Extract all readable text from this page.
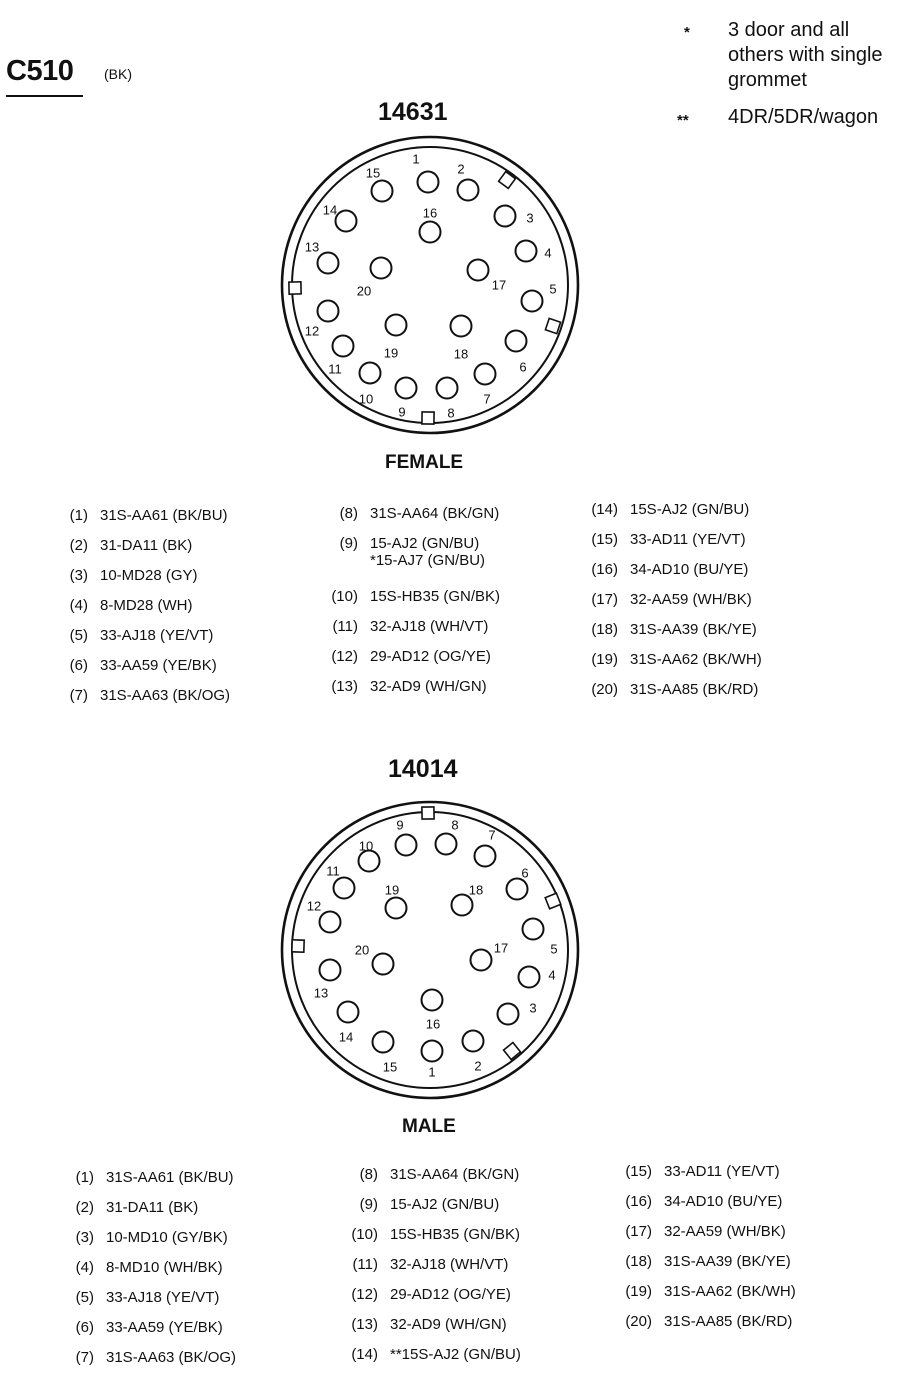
C510 (BK)
* 3 door and all others with single grommet
** 4DR/5DR/wagon
14631
1
2
3
4
5
6
7
8
9
10
11
12
13
14
15
16
17
18
19
20
FEMALE
(1) 31S-AA61 (BK/BU)
(2) 31-DA11 (BK)
(3) 10-MD28 (GY)
(4) 8-MD28 (WH)
(5) 33-AJ18 (YE/VT)
(6) 33-AA59 (YE/BK)
(7) 31S-AA63 (BK/OG)
(8) 31S-AA64 (BK/GN)
(9) 15-AJ2 (GN/BU)
*15-AJ7 (GN/BU)
(10) 15S-HB35 (GN/BK)
(11) 32-AJ18 (WH/VT)
(12) 29-AD12 (OG/YE)
(13) 32-AD9 (WH/GN)
(14) 15S-AJ2 (GN/BU)
(15) 33-AD11 (YE/VT)
(16) 34-AD10 (BU/YE)
(17) 32-AA59 (WH/BK)
(18) 31S-AA39 (BK/YE)
(19) 31S-AA62 (BK/WH)
(20) 31S-AA85 (BK/RD)
14014
1	2
3
4
5
6
7
8
9
10
11
12
13
14
15
16
17
18
19
20
MALE
(1) 31S-AA61 (BK/BU)
(2) 31-DA11 (BK)
(3) 10-MD10 (GY/BK)
(4) 8-MD10 (WH/BK)
(5) 33-AJ18 (YE/VT)
(6) 33-AA59 (YE/BK)
(7) 31S-AA63 (BK/OG)
(8) 31S-AA64 (BK/GN)
(9) 15-AJ2 (GN/BU)
(10) 15S-HB35 (GN/BK)
(11) 32-AJ18 (WH/VT)
(12) 29-AD12 (OG/YE)
(13) 32-AD9 (WH/GN)
(14) **15S-AJ2 (GN/BU)
(15) 33-AD11 (YE/VT)
(16) 34-AD10 (BU/YE)
(17) 32-AA59 (WH/BK)
(18) 31S-AA39 (BK/YE)
(19) 31S-AA62 (BK/WH)
(20) 31S-AA85 (BK/RD)
